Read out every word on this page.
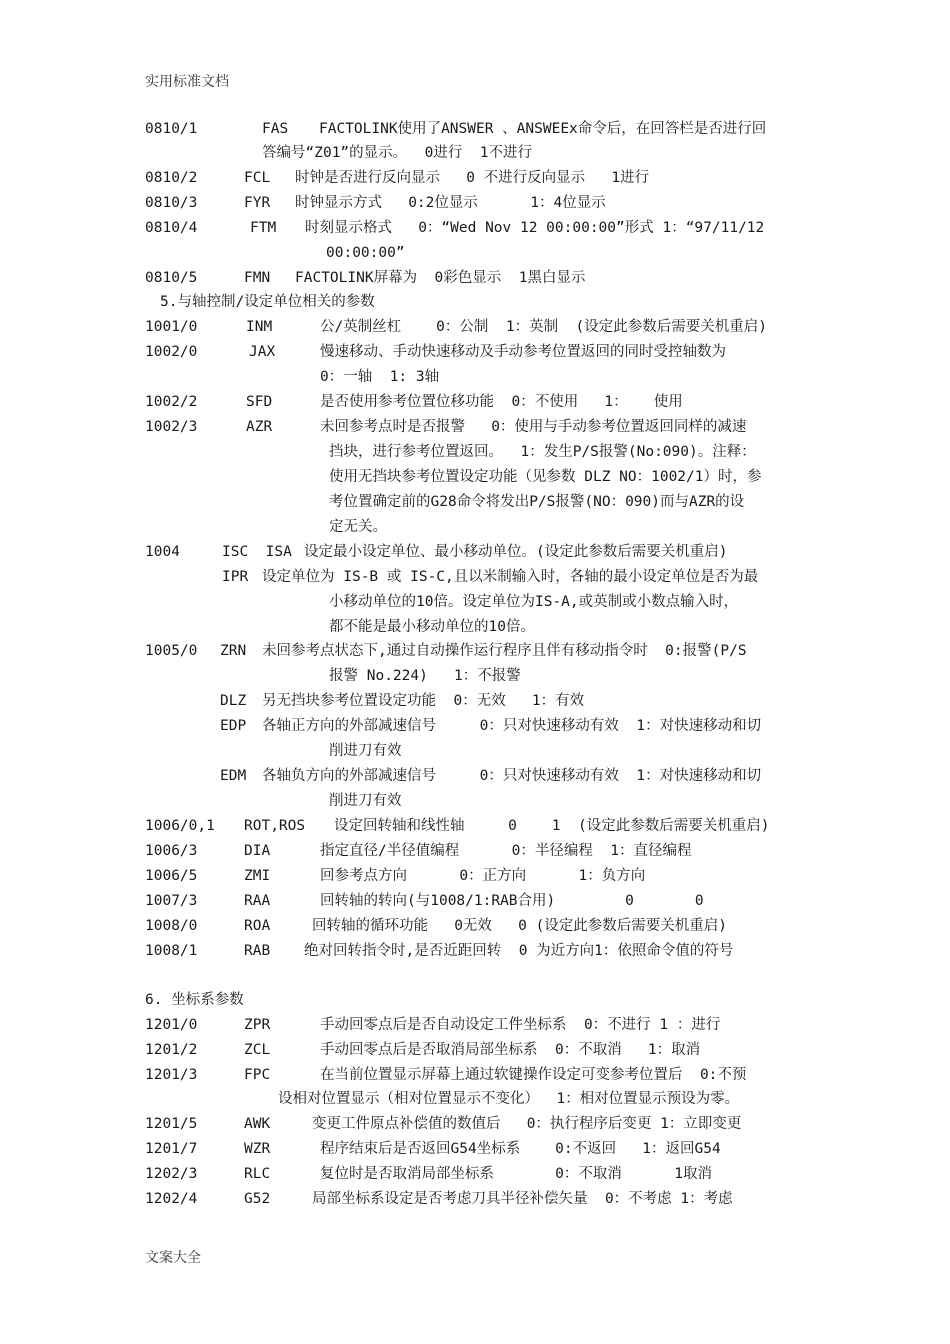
实用标准文档
0810/1	FAS FACTOLINK使用了ANSWER 、ANSWEEx命令后，在回答栏是否进行回
答编号“Z01”的显示。  0进行  1不进行
0810/2	FCL 时钟是否进行反向显示   0 不进行反向显示   1进行
0810/3	FYR 时钟显示方式   0:2位显示      1：4位显示
0810/4	FTM 时刻显示格式   0：“Wed Nov 12 00:00:00”形式 1：“97/11/12
00:00:00”
0810/5	FMN FACTOLINK屏幕为  0彩色显示  1黑白显示
5.与轴控制/设定单位相关的参数
1001/0	INM	公/英制丝杠    0：公制  1：英制  (设定此参数后需要关机重启)
1002/0	JAX	慢速移动、手动快速移动及手动参考位置返回的同时受控轴数为
0：一轴  1: 3轴
1002/2	SFD	是否使用参考位置位移功能  0：不使用   1：   使用
1002/3	AZR	未回参考点时是否报警   0：使用与手动参考位置返回同样的减速
挡块，进行参考位置返回。  1：发生P/S报警(No:090)。注释：
使用无挡块参考位置设定功能（见参数 DLZ NO：1002/1）时，参
考位置确定前的G28命令将发出P/S报警(NO：090)而与AZR的设
定无关。
1004	ISC  ISA 设定最小设定单位、最小移动单位。(设定此参数后需要关机重启)
IPR 设定单位为 IS-B 或 IS-C,且以米制输入时，各轴的最小设定单位是否为最
小移动单位的10倍。设定单位为IS-A,或英制或小数点输入时，
都不能是最小移动单位的10倍。
1005/0 ZRN 未回参考点状态下,通过自动操作运行程序且伴有移动指令时  0:报警(P/S
报警 No.224)   1：不报警
DLZ 另无挡块参考位置设定功能  0：无效   1：有效
EDP 各轴正方向的外部减速信号     0：只对快速移动有效  1：对快速移动和切
削进刀有效
EDM 各轴负方向的外部减速信号     0：只对快速移动有效  1：对快速移动和切
削进刀有效
1006/0,1 ROT,ROS 设定回转轴和线性轴     0    1  (设定此参数后需要关机重启)
1006/3	DIA	指定直径/半径值编程      0：半径编程  1：直径编程
1006/5	ZMI	回参考点方向      0：正方向      1：负方向
1007/3	RAA	回转轴的转向(与1008/1:RAB合用)        0       0
1008/0	ROA	回转轴的循环功能   0无效   0 (设定此参数后需要关机重启)
1008/1	RAB 绝对回转指令时,是否近距回转  0 为近方向1：依照命令值的符号
6. 坐标系参数
1201/0	ZPR	手动回零点后是否自动设定工件坐标系  0：不进行 1 ：进行
1201/2	ZCL	手动回零点后是否取消局部坐标系  0：不取消   1：取消
1201/3	FPC	在当前位置显示屏幕上通过软键操作设定可变参考位置后  0:不预
设相对位置显示（相对位置显示不变化）  1：相对位置显示预设为零。
1201/5	AWK	变更工件原点补偿值的数值后   0：执行程序后变更 1：立即变更
1201/7	WZR	程序结束后是否返回G54坐标系    0:不返回   1：返回G54
1202/3	RLC	复位时是否取消局部坐标系       0：不取消      1取消
1202/4	G52	局部坐标系设定是否考虑刀具半径补偿矢量  0：不考虑 1：考虑
文案大全
